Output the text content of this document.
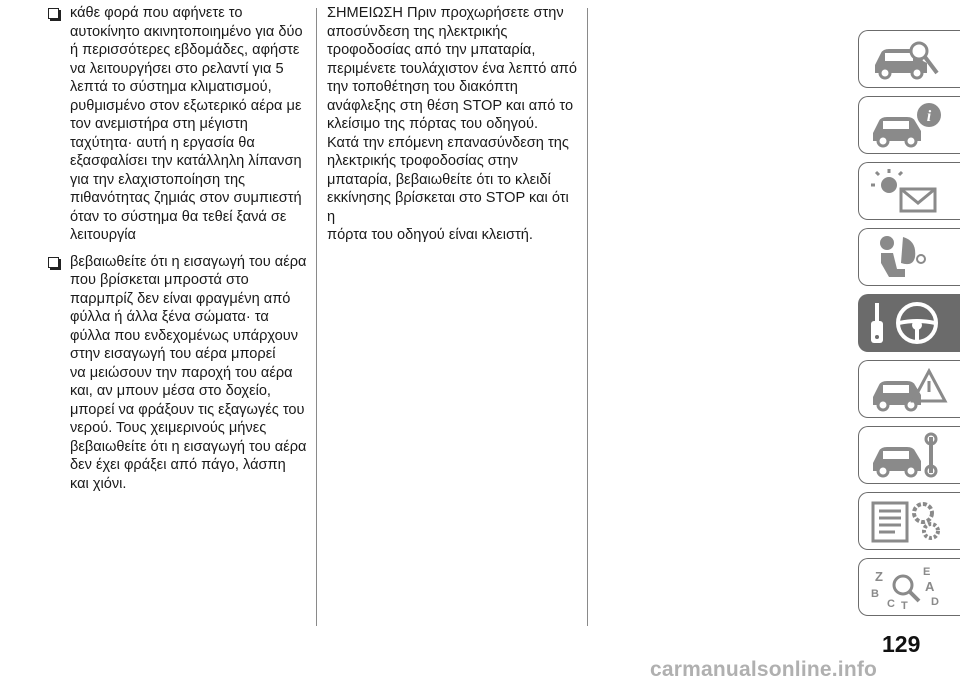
κάθε φορά που αφήνετε το
αυτοκίνητο ακινητοποιημένο για δύο
ή περισσότερες εβδομάδες, αφήστε
να λειτουργήσει στο ρελαντί για 5
λεπτά το σύστημα κλιματισμού,
ρυθμισμένο στον εξωτερικό αέρα με
τον ανεμιστήρα στη μέγιστη
ταχύτητα· αυτή η εργασία θα
εξασφαλίσει την κατάλληλη λίπανση
για την ελαχιστοποίηση της
πιθανότητας ζημιάς στον συμπιεστή
όταν το σύστημα θα τεθεί ξανά σε
λειτουργία
βεβαιωθείτε ότι η εισαγωγή του αέρα
που βρίσκεται μπροστά στο
παρμπρίζ δεν είναι φραγμένη από
φύλλα ή άλλα ξένα σώματα· τα
φύλλα που ενδεχομένως υπάρχουν
στην εισαγωγή του αέρα μπορεί
να μειώσουν την παροχή του αέρα
και, αν μπουν μέσα στο δοχείο,
μπορεί να φράξουν τις εξαγωγές του
νερού. Τους χειμερινούς μήνες
βεβαιωθείτε ότι η εισαγωγή του αέρα
δεν έχει φράξει από πάγο, λάσπη
και χιόνι.
ΣΗΜΕΙΩΣΗ Πριν προχωρήσετε στην
αποσύνδεση της ηλεκτρικής
τροφοδοσίας από την μπαταρία,
περιμένετε τουλάχιστον ένα λεπτό από
την τοποθέτηση του διακόπτη
ανάφλεξης στη θέση STOP και από το
κλείσιμο της πόρτας του οδηγού.
Κατά την επόμενη επανασύνδεση της
ηλεκτρικής τροφοδοσίας στην
μπαταρία, βεβαιωθείτε ότι το κλειδί
εκκίνησης βρίσκεται στο STOP και ότι η
πόρτα του οδηγού είναι κλειστή.
i
Z	E
A
B
C T D
129
carmanualsonline.info
